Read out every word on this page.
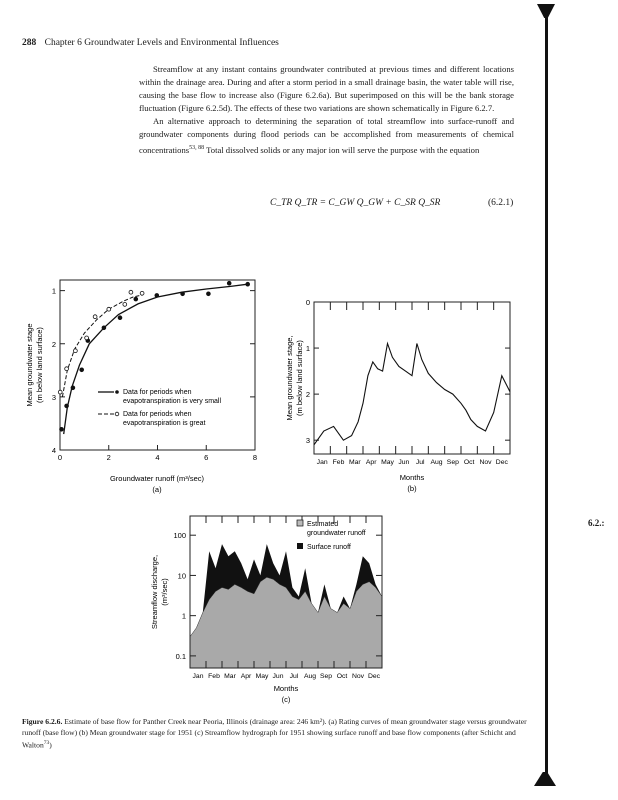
288 Chapter 6 Groundwater Levels and Environmental Influences

Streamflow at any instant contains groundwater contributed at previous times and different locations within the drainage area. During and after a storm period in a small drainage basin, the water table will rise, causing the base flow to increase also (Figure 6.2.6a). But superimposed on this will be the bank storage fluctuation (Figure 6.2.5d). The effects of these two variations are shown schematically in Figure 6.2.7.

An alternative approach to determining the separation of total streamflow into surface-runoff and groundwater components during flood periods can be accomplished from measurements of chemical concentrations$^{53, 88}$ Total dissolved solids or any major ion will serve the purpose with the equation

C_TR Q_TR = C_GW Q_GW + C_SR Q_SR	(6.2.1)
6.2.:
0	2	4	6	8
1
2
3
4
Data for periods when
evapotranspiration is very small
Data for periods when
evapotranspiration is great
Groundwater runoff (m³/sec)
(a)
Mean groundwater stage (m below land surface)
0
1
2
3
Jan Feb Mar Apr May Jun Jul Aug Sep Oct Nov Dec
Months
(b)
Mean groundwater stage, (m below land surface)
100
10
1
0.1
Jan Feb Mar Apr May Jun Jul Aug Sep Oct Nov Dec
Estimated
groundwater runoff
Surface runoff
Months
(c)
Streamflow discharge, (m³/sec)
Figure 6.2.6. Estimate of base flow for Panther Creek near Peoria, Illinois (drainage area: 246 km²). (a) Rating curves of mean groundwater stage versus groundwater runoff (base flow) (b) Mean groundwater stage for 1951 (c) Streamflow hydrograph for 1951 showing surface runoff and base flow components (after Schicht and Walton$^{73}$)
